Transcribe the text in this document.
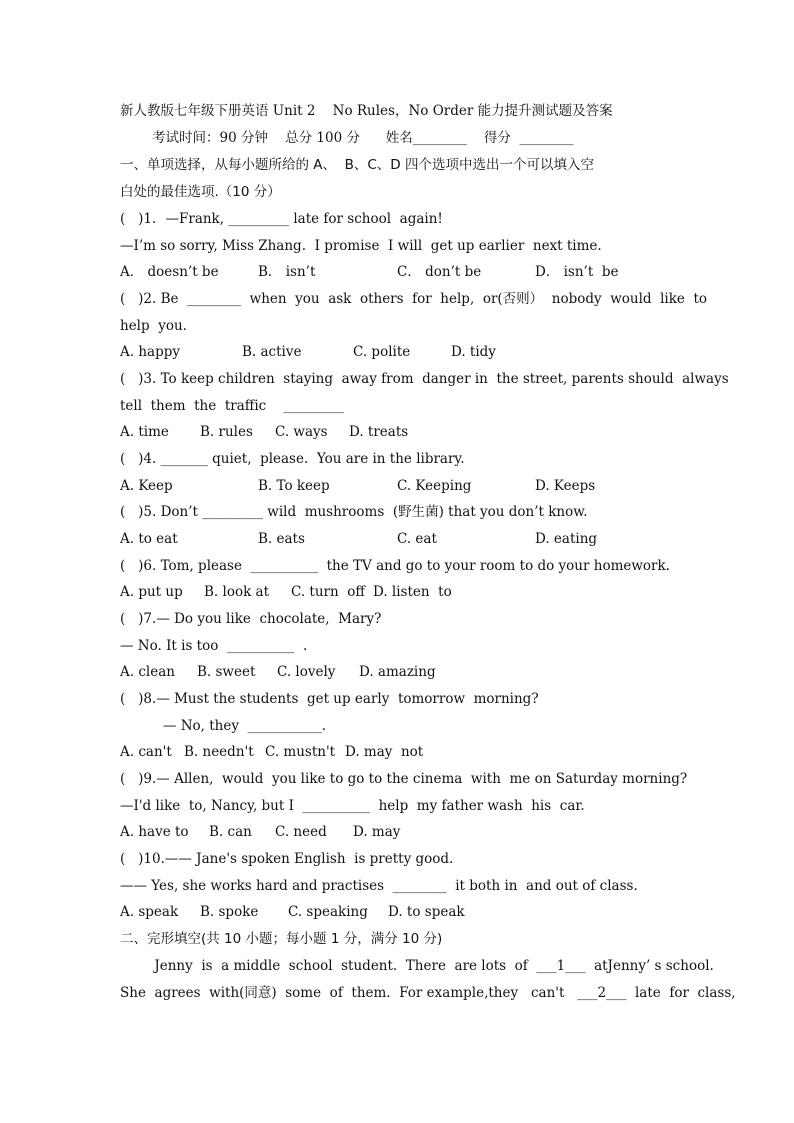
新人教版七年级下册英语 Unit 2    No Rules，No Order 能力提升测试题及答案
考试时间：90 分钟    总分 100 分      姓名________    得分  ________
一、单项选择，从每小题所给的 A、  B、C、D 四个选项中选出一个可以填入空
白处的最佳选项.（10 分）
(   )1．—Frank, _________ late for school  again!
—I’m so sorry, Miss Zhang.  I promise  I will  get up earlier  next time.
A． doesn’t be	B． isn’t	C． don’t be	D． isn’t  be
(   )2. Be  ________  when  you  ask  others  for  help,  or(否则）  nobody  would  like  to
help  you.
A. happy	B. active	C. polite	D. tidy
(   )3. To keep children  staying  away from  danger in  the street, parents should  always
tell  them  the  traffic    _________
A. time	B. rules	C. ways	D. treats
(   )4. _______ quiet,  please.  You are in the library.
A. Keep	B. To keep	C. Keeping	D. Keeps
(   )5. Don’t _________ wild  mushrooms  (野生菌) that you don’t know.
A. to eat	B. eats	C. eat	D. eating
(   )6. Tom, please  __________  the TV and go to your room to do your homework.
A. put up	B. look at	C. turn  off D. listen  to
(   )7.— Do you like  chocolate,  Mary?
— No. It is too  __________  .
A. clean	B. sweet	C. lovely	D. amazing
(   )8.— Must the students  get up early  tomorrow  morning?
— No, they  ___________.
A. can't B. needn't C. mustn't D. may  not
(   )9.— Allen,  would  you like to go to the cinema  with  me on Saturday morning?
—I'd like  to, Nancy, but I  __________  help  my father wash  his  car.
A. have to	B. can	C. need	D. may
(   )10.—— Jane's spoken English  is pretty good.
—— Yes, she works hard and practises  ________  it both in  and out of class.
A. speak	B. spoke	C. speaking	D. to speak
二、完形填空(共 10 小题；每小题 1 分，满分 10 分)
Jenny  is  a middle  school  student.  There  are lots  of  ___1___  atJenny’ s school.
She  agrees  with(同意)  some  of  them.  For example,they   can't   ___2___  late  for  class,
